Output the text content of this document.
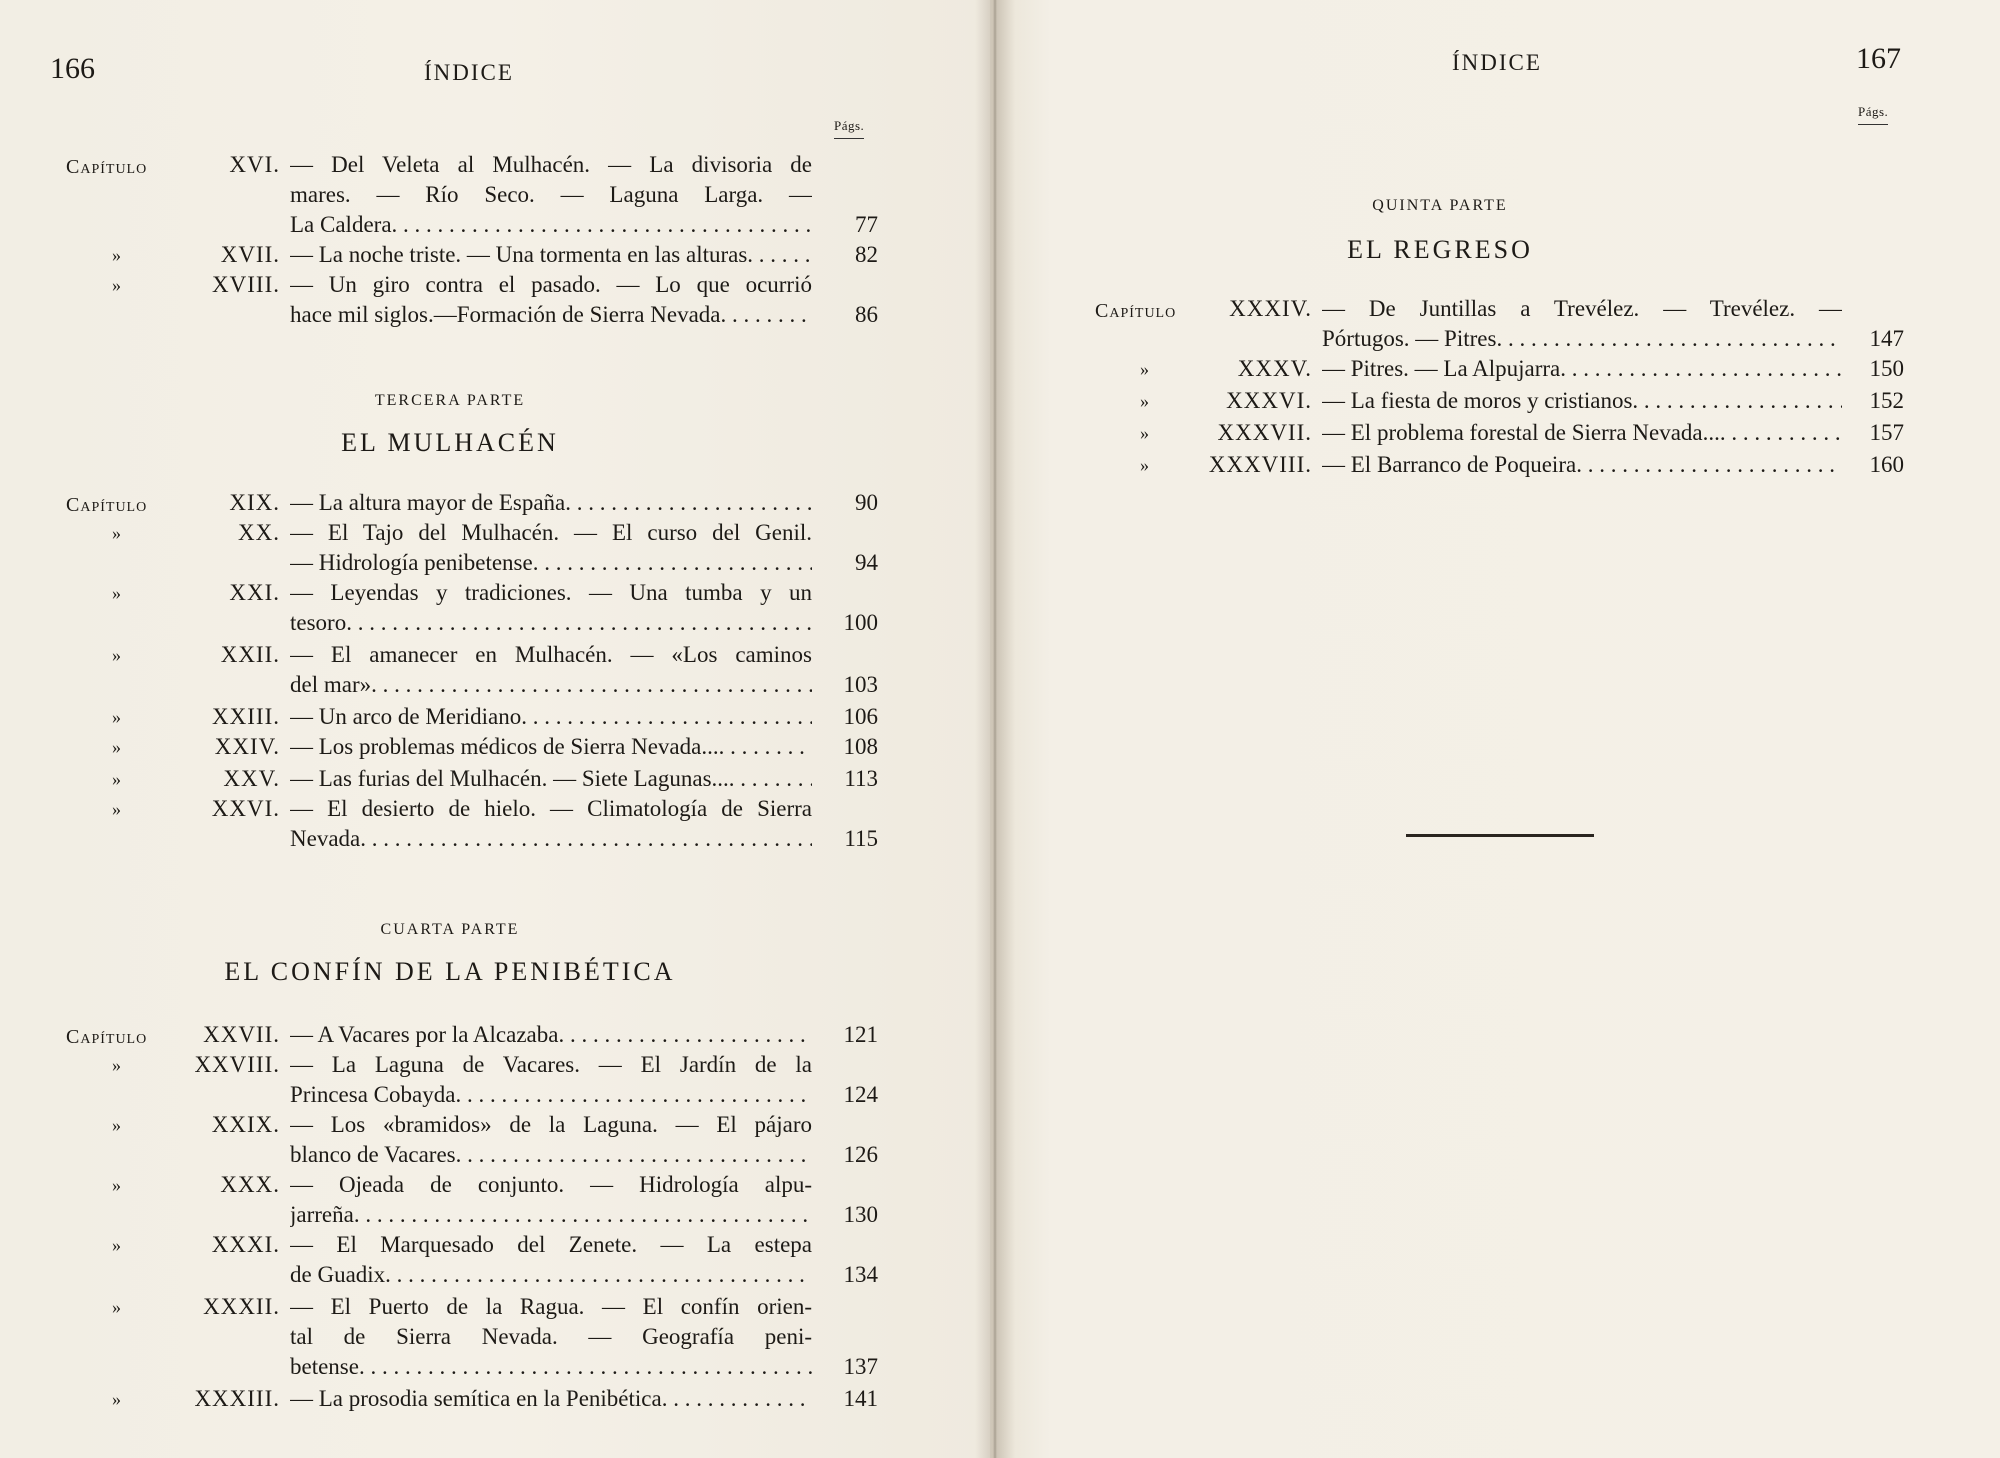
166	ÍNDICE
Págs.
TERCERA PARTE
EL MULHACÉN
CUARTA PARTE
EL CONFÍN DE LA PENIBÉTICA
Capítulo	XVI. — Del Veleta al Mulhacén. — La divisoria de
mares. — Río Seco. — Laguna Larga. —
La Caldera . . .	77
»	XVII. — La noche triste. — Una tormenta en las alturas . . .	82
»	XVIII. — Un giro contra el pasado. — Lo que ocurrió
hace mil siglos.—Formación de Sierra Nevada . . .	86
Capítulo	XIX. — La altura mayor de España . . .	90
»	XX. — El Tajo del Mulhacén. — El curso del Genil.
— Hidrología penibetense . . .	94
»	XXI. — Leyendas y tradiciones. — Una tumba y un
tesoro . . .	100
»	XXII. — El amanecer en Mulhacén. — «Los caminos
del mar» . . .	103
»	XXIII. — Un arco de Meridiano . . .	106
»	XXIV. — Los problemas médicos de Sierra Nevada... . . .	108
»	XXV. — Las furias del Mulhacén. — Siete Lagunas... . . .	113
»	XXVI. — El desierto de hielo. — Climatología de Sierra
Nevada . . .	115
Capítulo	XXVII. — A Vacares por la Alcazaba . . .	121
»	XXVIII. — La Laguna de Vacares. — El Jardín de la
Princesa Cobayda . . .	124
»	XXIX. — Los «bramidos» de la Laguna. — El pájaro
blanco de Vacares . . .	126
»	XXX. — Ojeada de conjunto. — Hidrología alpu-
jarreña . . .	130
»	XXXI. — El Marquesado del Zenete. — La estepa
de Guadix . . .	134
»	XXXII. — El Puerto de la Ragua. — El confín orien-
tal de Sierra Nevada. — Geografía peni-
betense . . .	137
»	XXXIII. — La prosodia semítica en la Penibética . . .	141
ÍNDICE	167
Págs.
QUINTA PARTE
EL REGRESO
Capítulo	XXXIV. — De Juntillas a Trevélez. — Trevélez. —
Pórtugos. — Pitres . . .	147
»	XXXV. — Pitres. — La Alpujarra . . .	150
»	XXXVI. — La fiesta de moros y cristianos . . .	152
»	XXXVII. — El problema forestal de Sierra Nevada... . . .	157
»	XXXVIII. — El Barranco de Poqueira . . .	160
